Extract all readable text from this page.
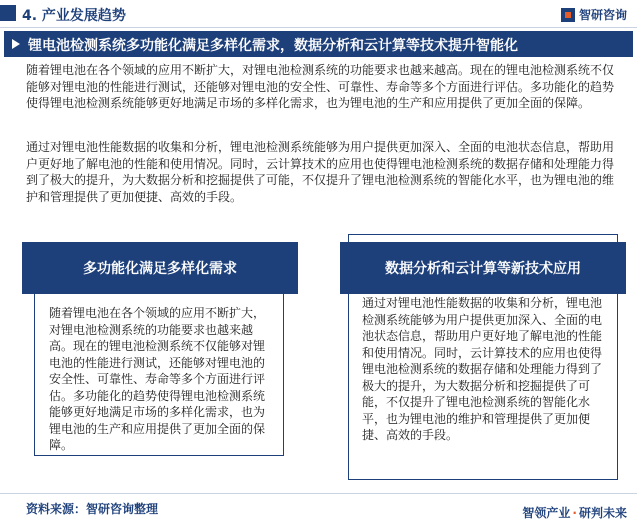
4. 产业发展趋势	智研咨询
锂电池检测系统多功能化满足多样化需求，数据分析和云计算等技术提升智能化

随着锂电池在各个领域的应用不断扩大，对锂电池检测系统的功能要求也越来越高。现在的锂电池检测系统不仅能够对锂电池的性能进行测试，还能够对锂电池的安全性、可靠性、寿命等多个方面进行评估。多功能化的趋势使得锂电池检测系统能够更好地满足市场的多样化需求，也为锂电池的生产和应用提供了更加全面的保障。

通过对锂电池性能数据的收集和分析，锂电池检测系统能够为用户提供更加深入、全面的电池状态信息，帮助用户更好地了解电池的性能和使用情况。同时，云计算技术的应用也使得锂电池检测系统的数据存储和处理能力得到了极大的提升，为大数据分析和挖掘提供了可能，不仅提升了锂电池检测系统的智能化水平，也为锂电池的维护和管理提供了更加便捷、高效的手段。

随着锂电池在各个领域的应用不断扩大，对锂电池检测系统的功能要求也越来越高。现在的锂电池检测系统不仅能够对锂电池的性能进行测试，还能够对锂电池的安全性、可靠性、寿命等多个方面进行评估。多功能化的趋势使得锂电池检测系统能够更好地满足市场的多样化需求，也为锂电池的生产和应用提供了更加全面的保障。
多功能化满足多样化需求
通过对锂电池性能数据的收集和分析，锂电池检测系统能够为用户提供更加深入、全面的电池状态信息，帮助用户更好地了解电池的性能和使用情况。同时，云计算技术的应用也使得锂电池检测系统的数据存储和处理能力得到了极大的提升，为大数据分析和挖掘提供了可能，不仅提升了锂电池检测系统的智能化水平，也为锂电池的维护和管理提供了更加便捷、高效的手段。
数据分析和云计算等新技术应用
资料来源：智研咨询整理	智领产业 · 研判未来
